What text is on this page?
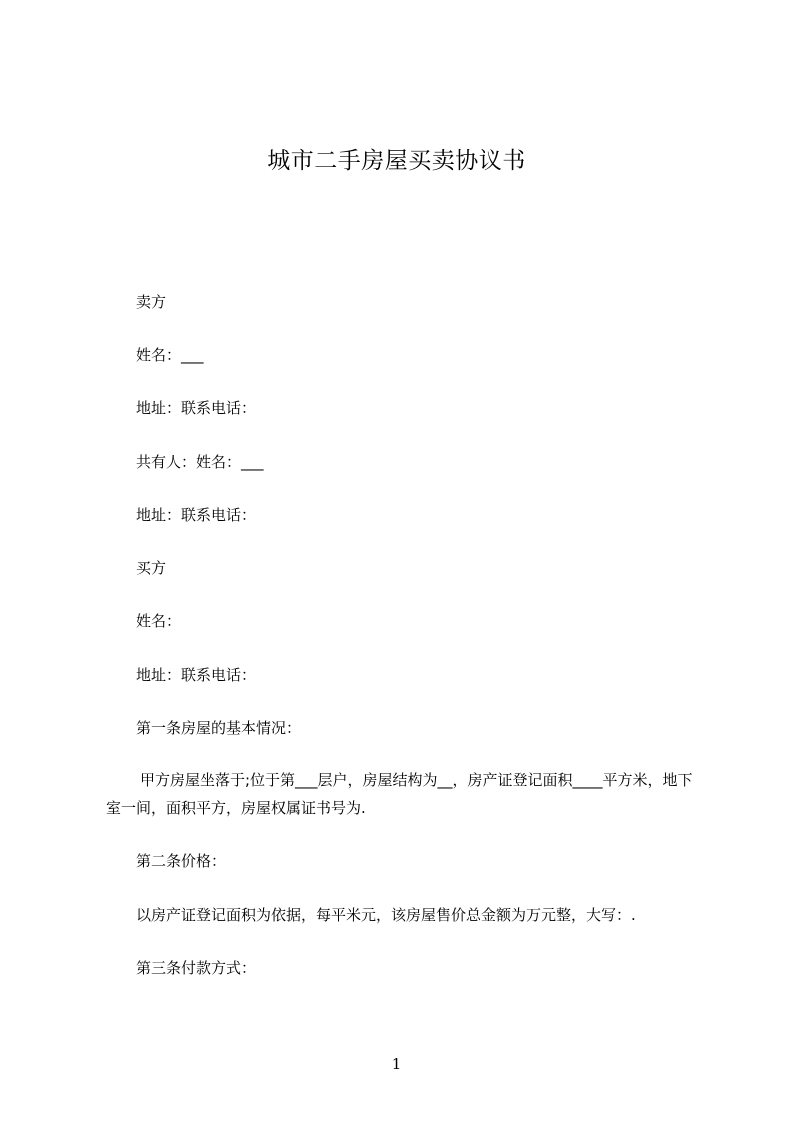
城市二手房屋买卖协议书
卖方
姓名：___
地址：联系电话：
共有人：姓名：___
地址：联系电话：
买方
姓名：
地址：联系电话：
第一条房屋的基本情况：
甲方房屋坐落于;位于第___层户，房屋结构为__，房产证登记面积____平方米，地下室一间，面积平方，房屋权属证书号为.
第二条价格：
以房产证登记面积为依据，每平米元，该房屋售价总金额为万元整，大写：.
第三条付款方式：
1
